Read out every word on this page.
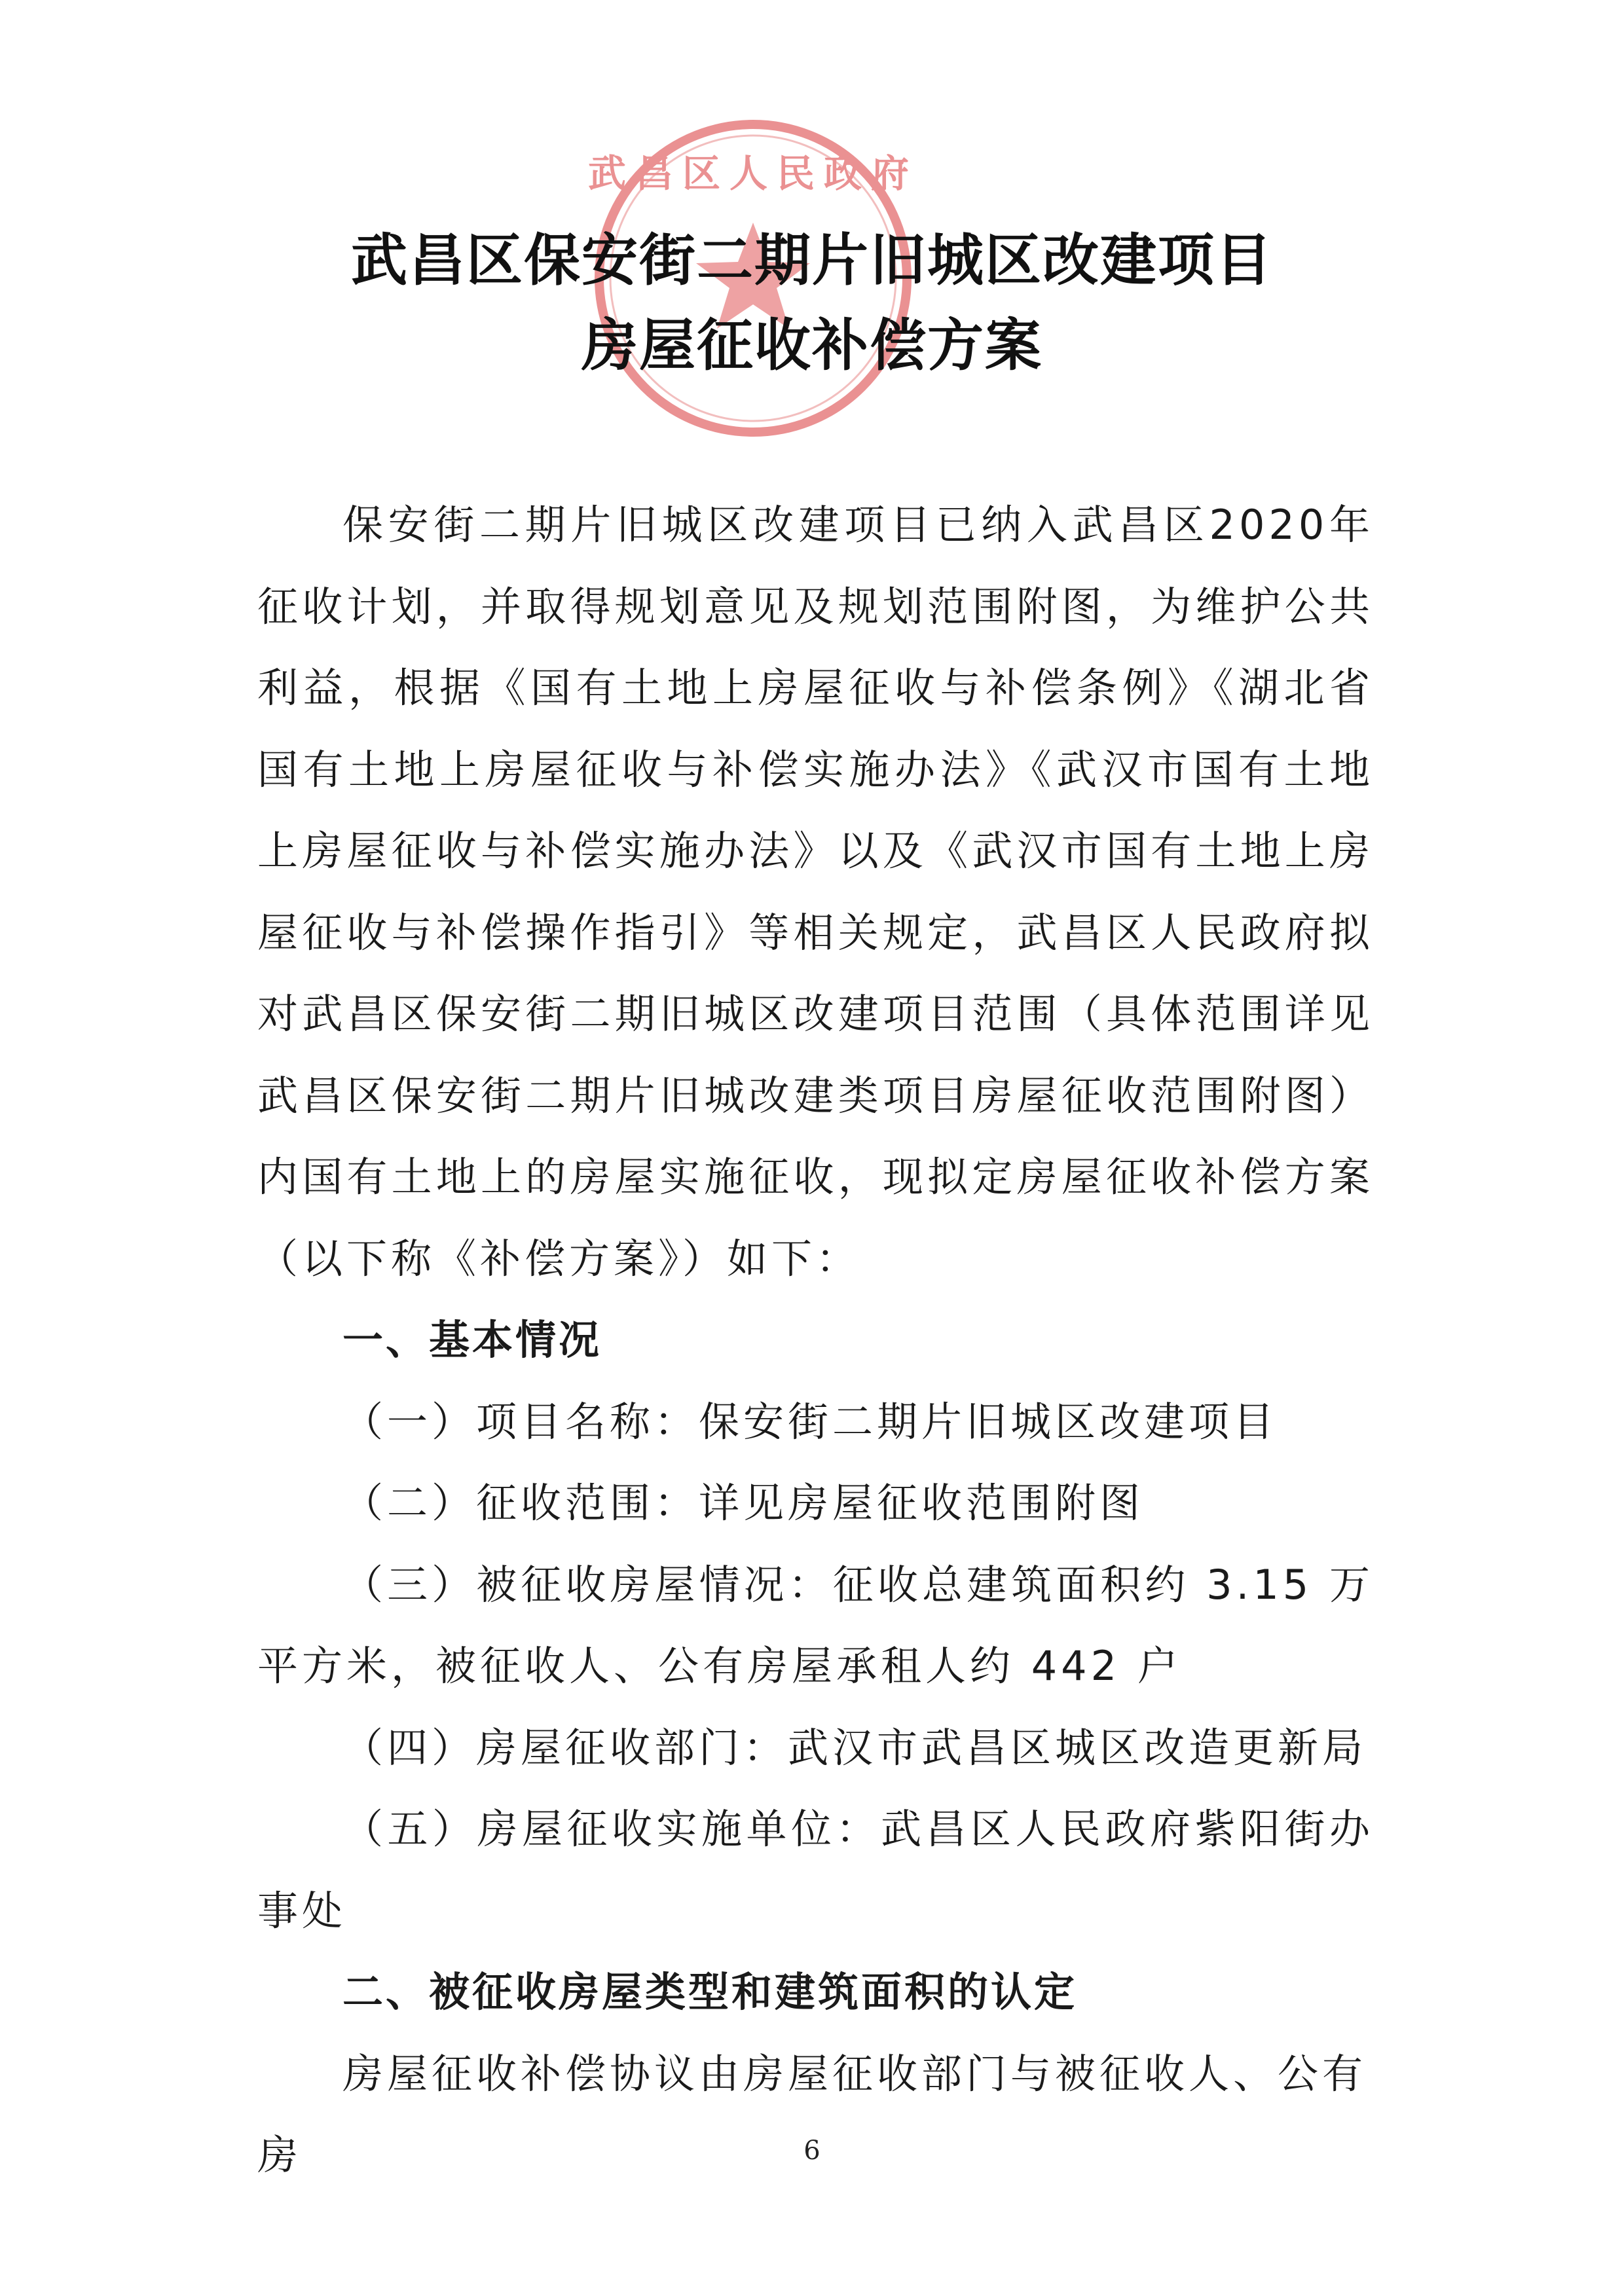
武昌区人民政府
武昌区保安街二期片旧城区改建项目
房屋征收补偿方案

保安街二期片旧城区改建项目已纳入武昌区2020年征收计划，并取得规划意见及规划范围附图，为维护公共利益，根据《国有土地上房屋征收与补偿条例》《湖北省国有土地上房屋征收与补偿实施办法》《武汉市国有土地上房屋征收与补偿实施办法》以及《武汉市国有土地上房屋征收与补偿操作指引》等相关规定，武昌区人民政府拟对武昌区保安街二期旧城区改建项目范围（具体范围详见武昌区保安街二期片旧城改建类项目房屋征收范围附图）内国有土地上的房屋实施征收，现拟定房屋征收补偿方案（以下称《补偿方案》）如下：

一、基本情况

（一）项目名称：保安街二期片旧城区改建项目

（二）征收范围：详见房屋征收范围附图

（三）被征收房屋情况：征收总建筑面积约 3.15 万平方米，被征收人、公有房屋承租人约 442 户

（四）房屋征收部门：武汉市武昌区城区改造更新局

（五）房屋征收实施单位：武昌区人民政府紫阳街办事处

二、被征收房屋类型和建筑面积的认定

房屋征收补偿协议由房屋征收部门与被征收人、公有房	6
